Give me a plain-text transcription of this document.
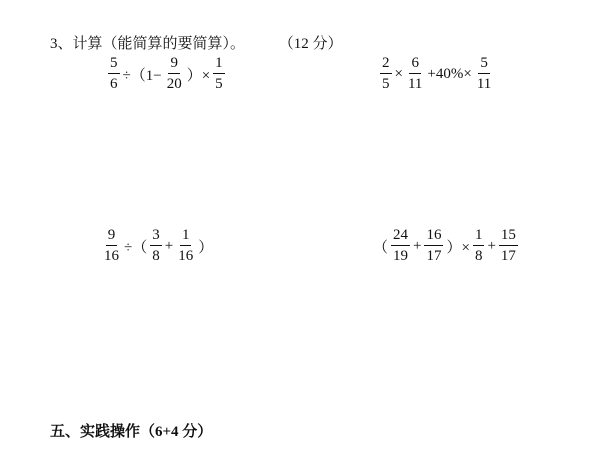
3、计算（能简算的要简算）。 （12 分）
$\frac{5}{6} \div(1- \frac{9}{20}$ ）× $\frac{1}{5}$	$\frac{2}{5} \times \frac{6}{11} +40\%\times \frac{5}{11}$
$\frac{9}{16}$ ÷（ $\frac{3}{8} + \frac{1}{16}$ ）	（ $\frac{24}{19} + \frac{16}{17}$ ）× $\frac{1}{8} + \frac{15}{17}$
五、实践操作（6+4 分）
